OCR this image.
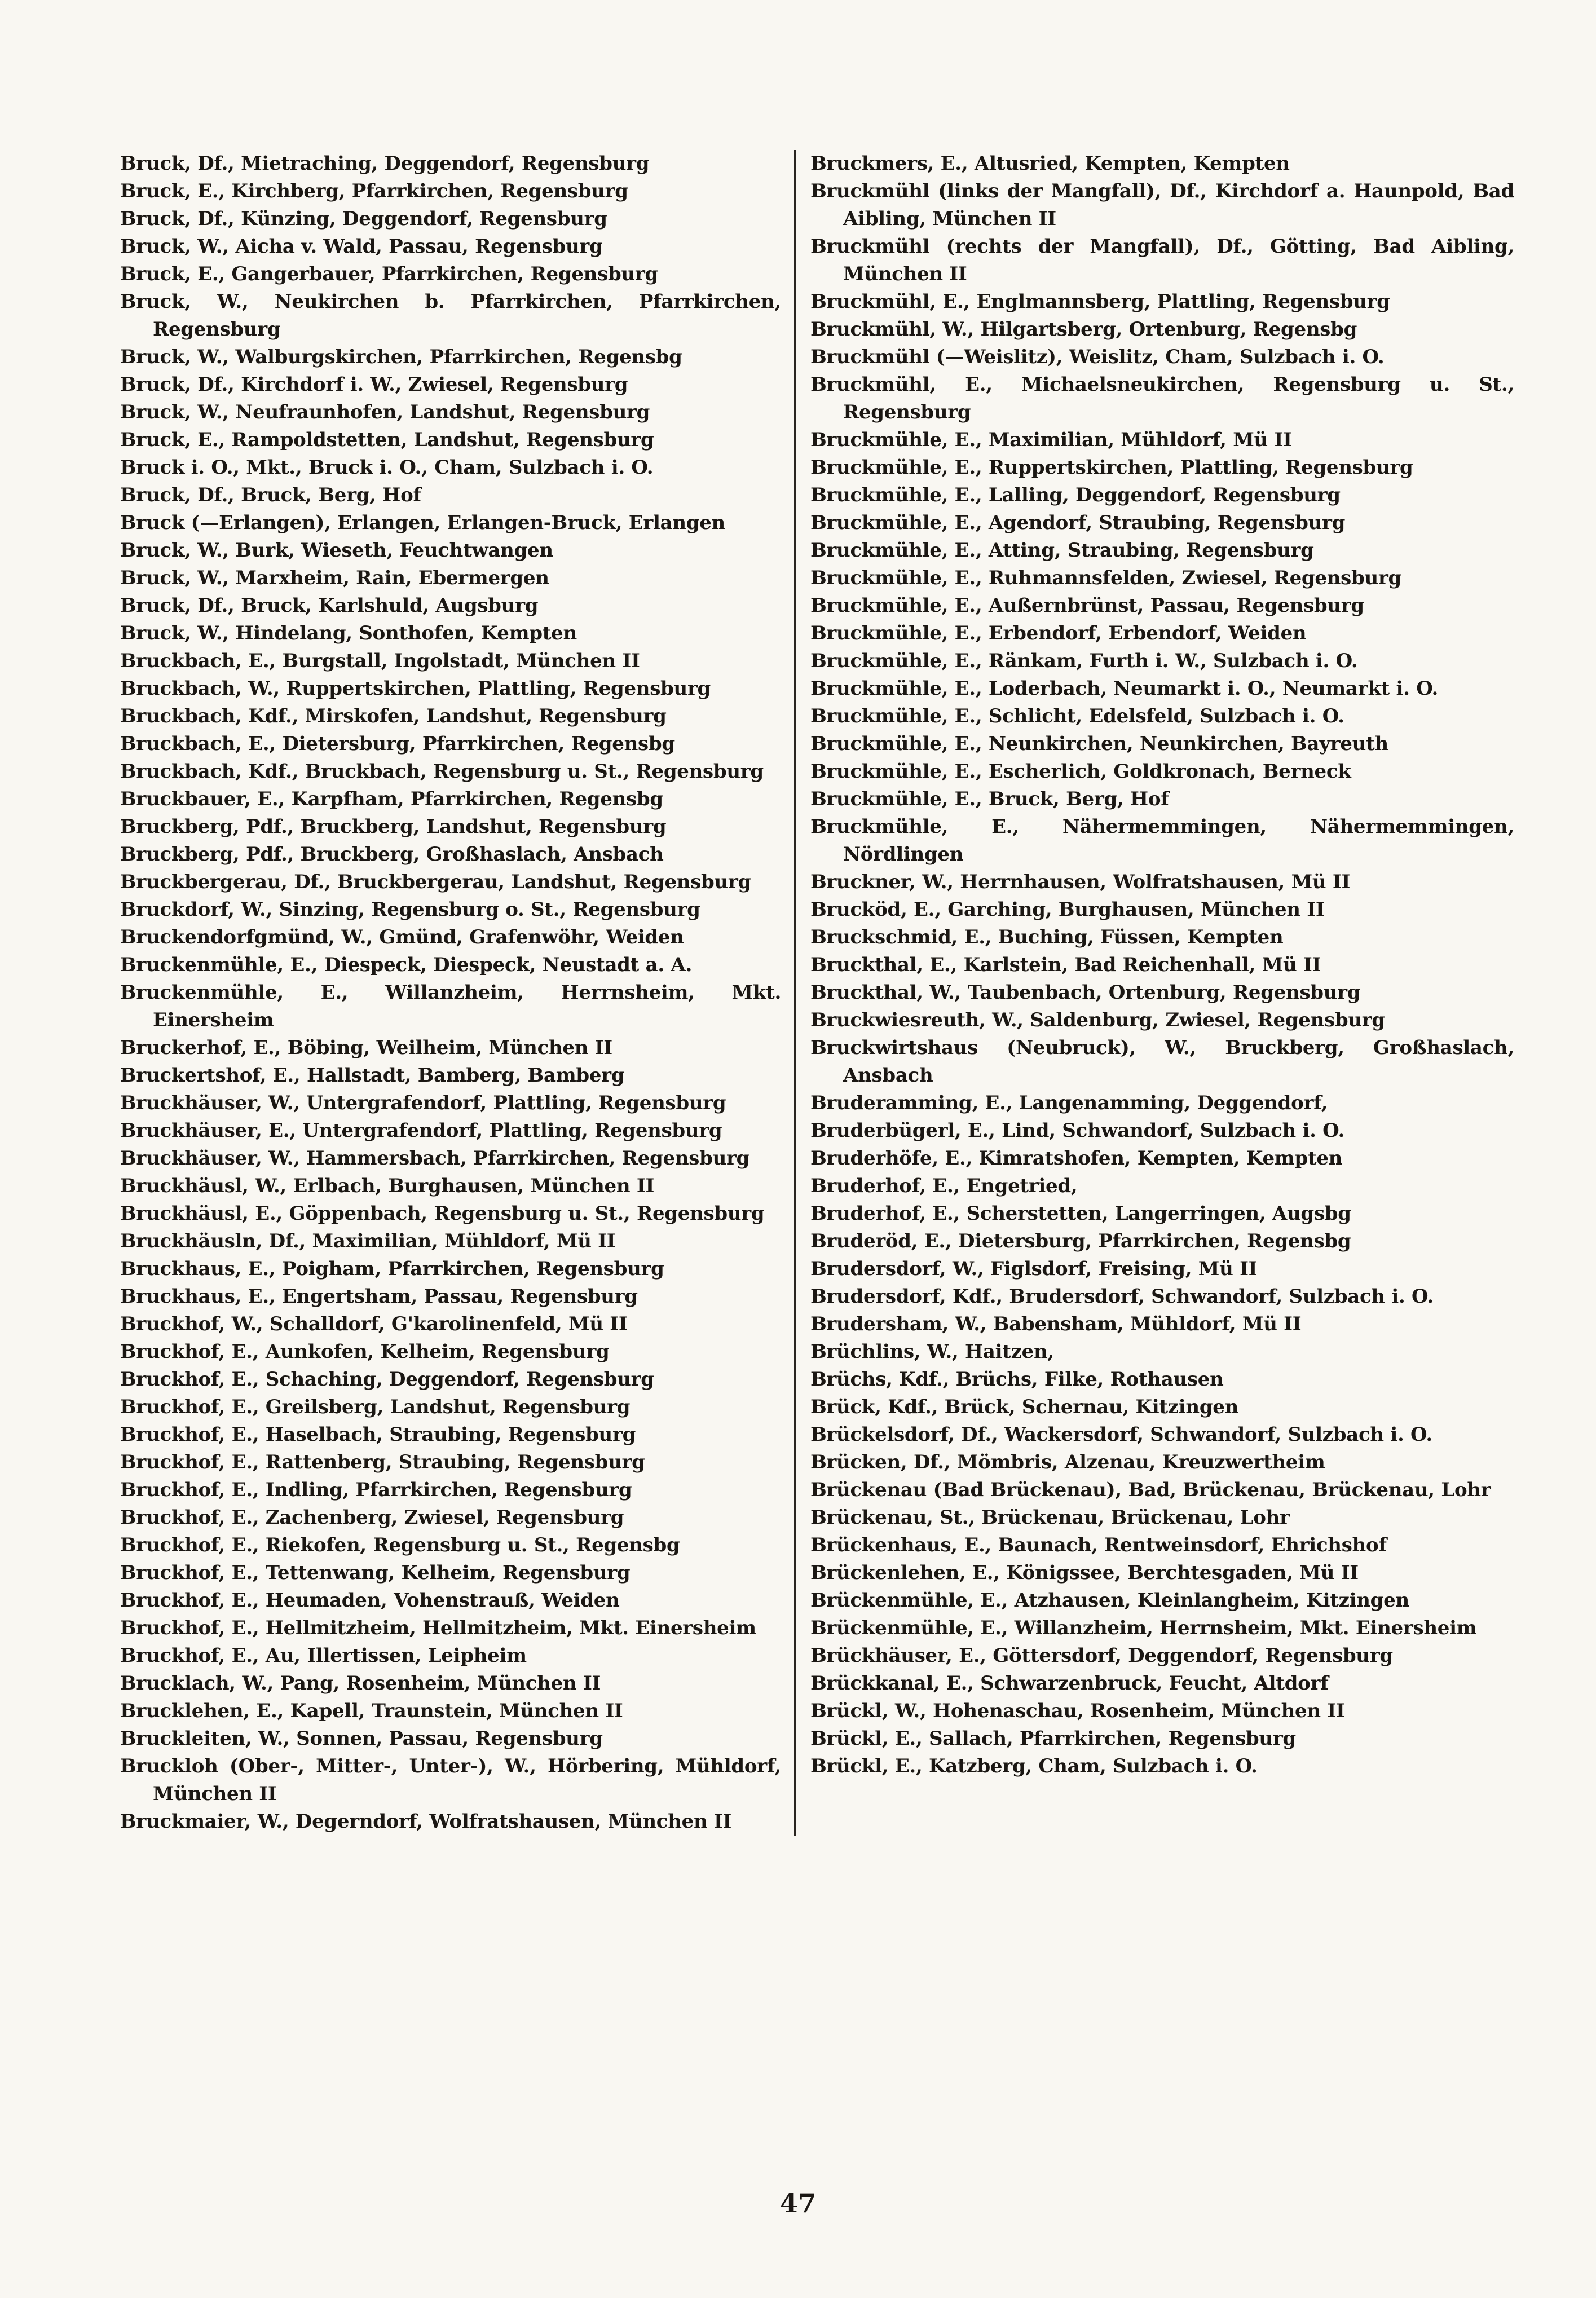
Bruck, Df., Mietraching, Deggendorf, Regensburg

Bruck, E., Kirchberg, Pfarrkirchen, Regensburg

Bruck, Df., Künzing, Deggendorf, Regensburg

Bruck, W., Aicha v. Wald, Passau, Regensburg

Bruck, E., Gangerbauer, Pfarrkirchen, Regensburg

Bruck, W., Neukirchen b. Pfarrkirchen, Pfarrkirchen, Regensburg

Bruck, W., Walburgskirchen, Pfarrkirchen, Regensbg

Bruck, Df., Kirchdorf i. W., Zwiesel, Regensburg

Bruck, W., Neufraunhofen, Landshut, Regensburg

Bruck, E., Rampoldstetten, Landshut, Regensburg

Bruck i. O., Mkt., Bruck i. O., Cham, Sulzbach i. O.

Bruck, Df., Bruck, Berg, Hof

Bruck (—Erlangen), Erlangen, Erlangen-Bruck, Erlangen

Bruck, W., Burk, Wieseth, Feuchtwangen

Bruck, W., Marxheim, Rain, Ebermergen

Bruck, Df., Bruck, Karlshuld, Augsburg

Bruck, W., Hindelang, Sonthofen, Kempten

Bruckbach, E., Burgstall, Ingolstadt, München II

Bruckbach, W., Ruppertskirchen, Plattling, Regensburg

Bruckbach, Kdf., Mirskofen, Landshut, Regensburg

Bruckbach, E., Dietersburg, Pfarrkirchen, Regensbg

Bruckbach, Kdf., Bruckbach, Regensburg u. St., Regensburg

Bruckbauer, E., Karpfham, Pfarrkirchen, Regensbg

Bruckberg, Pdf., Bruckberg, Landshut, Regensburg

Bruckberg, Pdf., Bruckberg, Großhaslach, Ansbach

Bruckbergerau, Df., Bruckbergerau, Landshut, Regensburg

Bruckdorf, W., Sinzing, Regensburg o. St., Regensburg

Bruckendorfgmünd, W., Gmünd, Grafenwöhr, Weiden

Bruckenmühle, E., Diespeck, Diespeck, Neustadt a. A.

Bruckenmühle, E., Willanzheim, Herrnsheim, Mkt. Einersheim

Bruckerhof, E., Böbing, Weilheim, München II

Bruckertshof, E., Hallstadt, Bamberg, Bamberg

Bruckhäuser, W., Untergrafendorf, Plattling, Regensburg

Bruckhäuser, E., Untergrafendorf, Plattling, Regensburg

Bruckhäuser, W., Hammersbach, Pfarrkirchen, Regensburg

Bruckhäusl, W., Erlbach, Burghausen, München II

Bruckhäusl, E., Göppenbach, Regensburg u. St., Regensburg

Bruckhäusln, Df., Maximilian, Mühldorf, Mü II

Bruckhaus, E., Poigham, Pfarrkirchen, Regensburg

Bruckhaus, E., Engertsham, Passau, Regensburg

Bruckhof, W., Schalldorf, G'karolinenfeld, Mü II

Bruckhof, E., Aunkofen, Kelheim, Regensburg

Bruckhof, E., Schaching, Deggendorf, Regensburg

Bruckhof, E., Greilsberg, Landshut, Regensburg

Bruckhof, E., Haselbach, Straubing, Regensburg

Bruckhof, E., Rattenberg, Straubing, Regensburg

Bruckhof, E., Indling, Pfarrkirchen, Regensburg

Bruckhof, E., Zachenberg, Zwiesel, Regensburg

Bruckhof, E., Riekofen, Regensburg u. St., Regensbg

Bruckhof, E., Tettenwang, Kelheim, Regensburg

Bruckhof, E., Heumaden, Vohenstrauß, Weiden

Bruckhof, E., Hellmitzheim, Hellmitzheim, Mkt. Einersheim

Bruckhof, E., Au, Illertissen, Leipheim

Brucklach, W., Pang, Rosenheim, München II

Brucklehen, E., Kapell, Traunstein, München II

Bruckleiten, W., Sonnen, Passau, Regensburg

Bruckloh (Ober-, Mitter-, Unter-), W., Hörbering, Mühldorf, München II

Bruckmaier, W., Degerndorf, Wolfratshausen, München II

Bruckmers, E., Altusried, Kempten, Kempten

Bruckmühl (links der Mangfall), Df., Kirchdorf a. Haunpold, Bad Aibling, München II

Bruckmühl (rechts der Mangfall), Df., Götting, Bad Aibling, München II

Bruckmühl, E., Englmannsberg, Plattling, Regensburg

Bruckmühl, W., Hilgartsberg, Ortenburg, Regensbg

Bruckmühl (—Weislitz), Weislitz, Cham, Sulzbach i. O.

Bruckmühl, E., Michaelsneukirchen, Regensburg u. St., Regensburg

Bruckmühle, E., Maximilian, Mühldorf, Mü II

Bruckmühle, E., Ruppertskirchen, Plattling, Regensburg

Bruckmühle, E., Lalling, Deggendorf, Regensburg

Bruckmühle, E., Agendorf, Straubing, Regensburg

Bruckmühle, E., Atting, Straubing, Regensburg

Bruckmühle, E., Ruhmannsfelden, Zwiesel, Regensburg

Bruckmühle, E., Außernbrünst, Passau, Regensburg

Bruckmühle, E., Erbendorf, Erbendorf, Weiden

Bruckmühle, E., Ränkam, Furth i. W., Sulzbach i. O.

Bruckmühle, E., Loderbach, Neumarkt i. O., Neumarkt i. O.

Bruckmühle, E., Schlicht, Edelsfeld, Sulzbach i. O.

Bruckmühle, E., Neunkirchen, Neunkirchen, Bayreuth

Bruckmühle, E., Escherlich, Goldkronach, Berneck

Bruckmühle, E., Bruck, Berg, Hof

Bruckmühle, E., Nähermemmingen, Nähermemmingen, Nördlingen

Bruckner, W., Herrnhausen, Wolfratshausen, Mü II

Brucköd, E., Garching, Burghausen, München II

Bruckschmid, E., Buching, Füssen, Kempten

Bruckthal, E., Karlstein, Bad Reichenhall, Mü II

Bruckthal, W., Taubenbach, Ortenburg, Regensburg

Bruckwiesreuth, W., Saldenburg, Zwiesel, Regensburg

Bruckwirtshaus (Neubruck), W., Bruckberg, Großhaslach, Ansbach

Bruderamming, E., Langenamming, Deggendorf,

Bruderbügerl, E., Lind, Schwandorf, Sulzbach i. O.

Bruderhöfe, E., Kimratshofen, Kempten, Kempten

Bruderhof, E., Engetried,

Bruderhof, E., Scherstetten, Langerringen, Augsbg

Bruderöd, E., Dietersburg, Pfarrkirchen, Regensbg

Brudersdorf, W., Figlsdorf, Freising, Mü II

Brudersdorf, Kdf., Brudersdorf, Schwandorf, Sulzbach i. O.

Brudersham, W., Babensham, Mühldorf, Mü II

Brüchlins, W., Haitzen,

Brüchs, Kdf., Brüchs, Filke, Rothausen

Brück, Kdf., Brück, Schernau, Kitzingen

Brückelsdorf, Df., Wackersdorf, Schwandorf, Sulzbach i. O.

Brücken, Df., Mömbris, Alzenau, Kreuzwertheim

Brückenau (Bad Brückenau), Bad, Brückenau, Brückenau, Lohr

Brückenau, St., Brückenau, Brückenau, Lohr

Brückenhaus, E., Baunach, Rentweinsdorf, Ehrichshof

Brückenlehen, E., Königssee, Berchtesgaden, Mü II

Brückenmühle, E., Atzhausen, Kleinlangheim, Kitzingen

Brückenmühle, E., Willanzheim, Herrnsheim, Mkt. Einersheim

Brückhäuser, E., Göttersdorf, Deggendorf, Regensburg

Brückkanal, E., Schwarzenbruck, Feucht, Altdorf

Brückl, W., Hohenaschau, Rosenheim, München II

Brückl, E., Sallach, Pfarrkirchen, Regensburg

Brückl, E., Katzberg, Cham, Sulzbach i. O.

47
